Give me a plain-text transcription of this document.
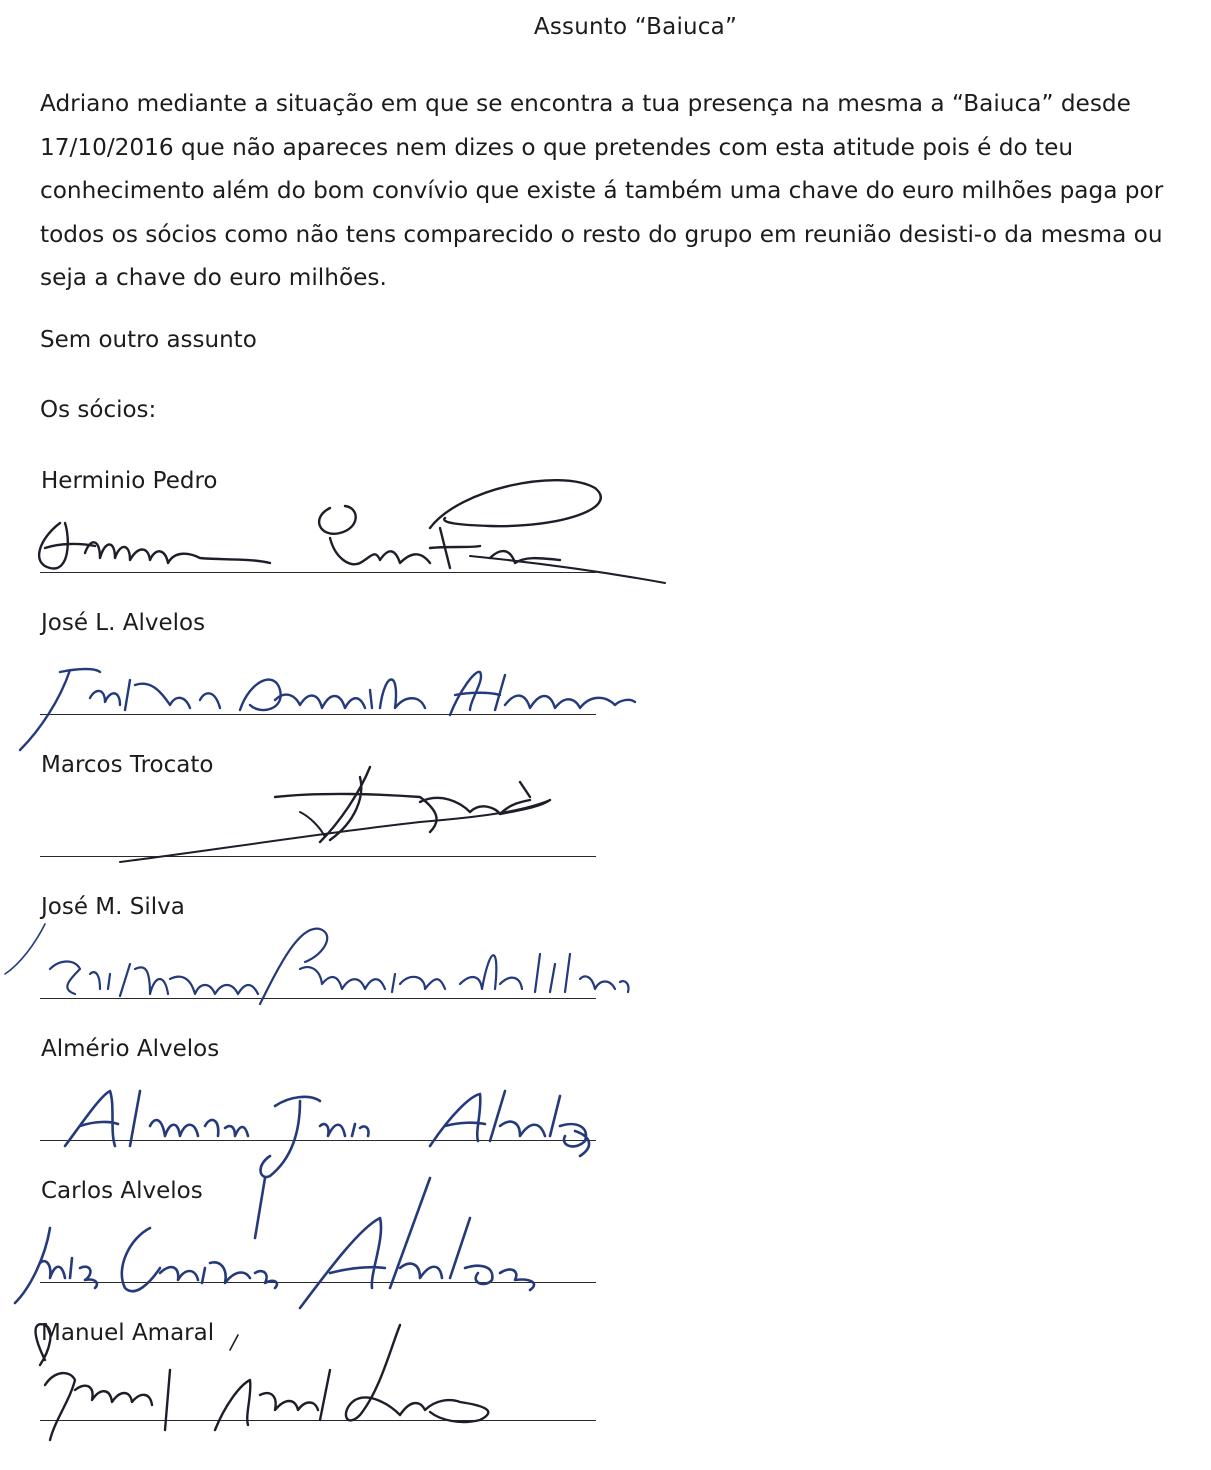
Assunto “Baiuca”

Adriano mediante a situação em que se encontra a tua presença na mesma a “Baiuca” desde 17/10/2016 que não apareces nem dizes o que pretendes com esta atitude pois é do teu conhecimento além do bom convívio que existe á também uma chave do euro milhões paga por todos os sócios como não tens comparecido o resto do grupo em reunião desisti-o da mesma ou seja a chave do euro milhões.

Sem outro assunto
Os sócios:
Herminio Pedro
José L. Alvelos
Marcos Trocato
José M. Silva
Almério Alvelos
Carlos Alvelos
Manuel Amaral
